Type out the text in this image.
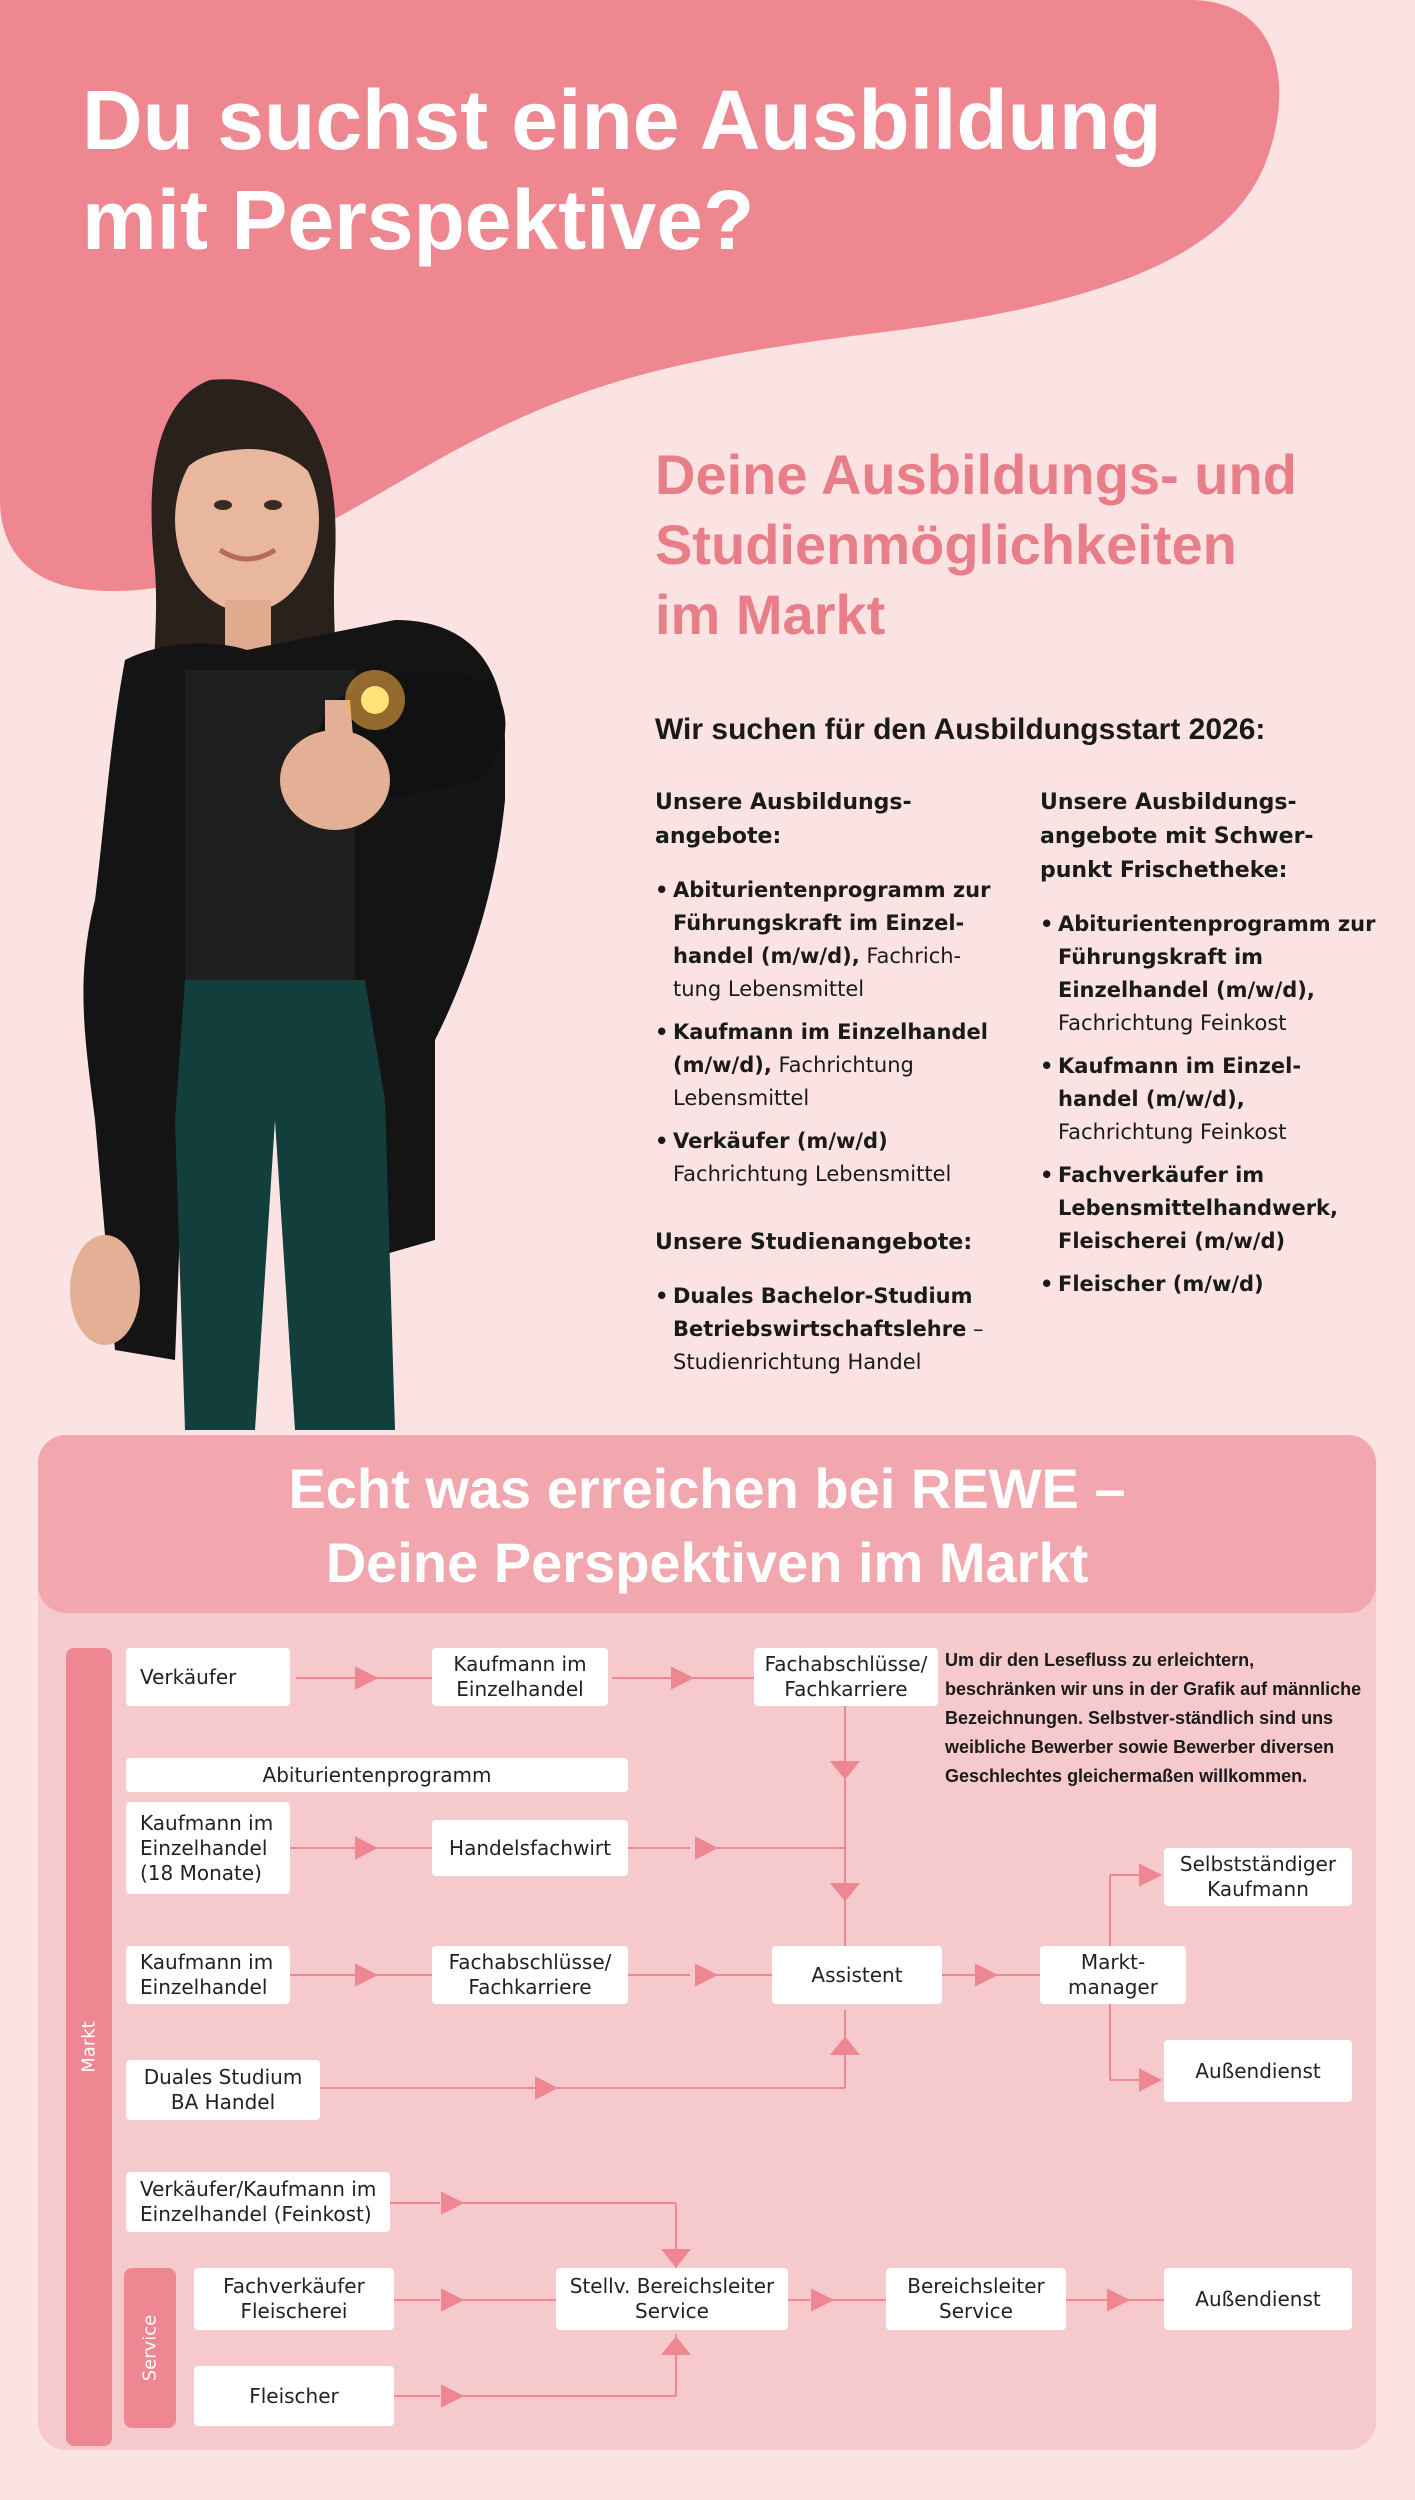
Du suchst eine Ausbildung
mit Perspektive?
Deine Ausbildungs- und
Studienmöglichkeiten
im Markt
Wir suchen für den Ausbildungsstart 2026:
Unsere Ausbildungs-angebote:
• Abiturientenprogramm zur Führungskraft im Einzel-handel (m/w/d), Fachrich-tung Lebensmittel
• Kaufmann im Einzelhandel (m/w/d), Fachrichtung Lebensmittel
• Verkäufer (m/w/d) Fachrichtung Lebensmittel
Unsere Studienangebote:
• Duales Bachelor-Studium Betriebswirtschaftslehre – Studienrichtung Handel
Unsere Ausbildungs-angebote mit Schwer-punkt Frischetheke:
• Abiturientenprogramm zur Führungskraft im Einzelhandel (m/w/d), Fachrichtung Feinkost
• Kaufmann im Einzel-handel (m/w/d), Fachrichtung Feinkost
• Fachverkäufer im Lebensmittelhandwerk, Fleischerei (m/w/d)
• Fleischer (m/w/d)
Echt was erreichen bei REWE –
Deine Perspektiven im Markt
Markt
Service
Verkäufer
Kaufmann im
Einzelhandel
Fachabschlüsse/
Fachkarriere
Abiturientenprogramm
Kaufmann im
Einzelhandel
(18 Monate)
Handelsfachwirt
Kaufmann im
Einzelhandel
Fachabschlüsse/
Fachkarriere
Assistent
Markt-
manager
Selbstständiger
Kaufmann
Außendienst
Duales Studium
BA Handel
Verkäufer/Kaufmann im
Einzelhandel (Feinkost)
Fachverkäufer
Fleischerei
Stellv. Bereichsleiter
Service
Bereichsleiter
Service
Außendienst
Fleischer
Um dir den Lesefluss zu erleichtern, beschränken wir uns in der Grafik auf männliche Bezeichnungen. Selbstver-ständlich sind uns weibliche Bewerber sowie Bewerber diversen Geschlechtes gleichermaßen willkommen.
